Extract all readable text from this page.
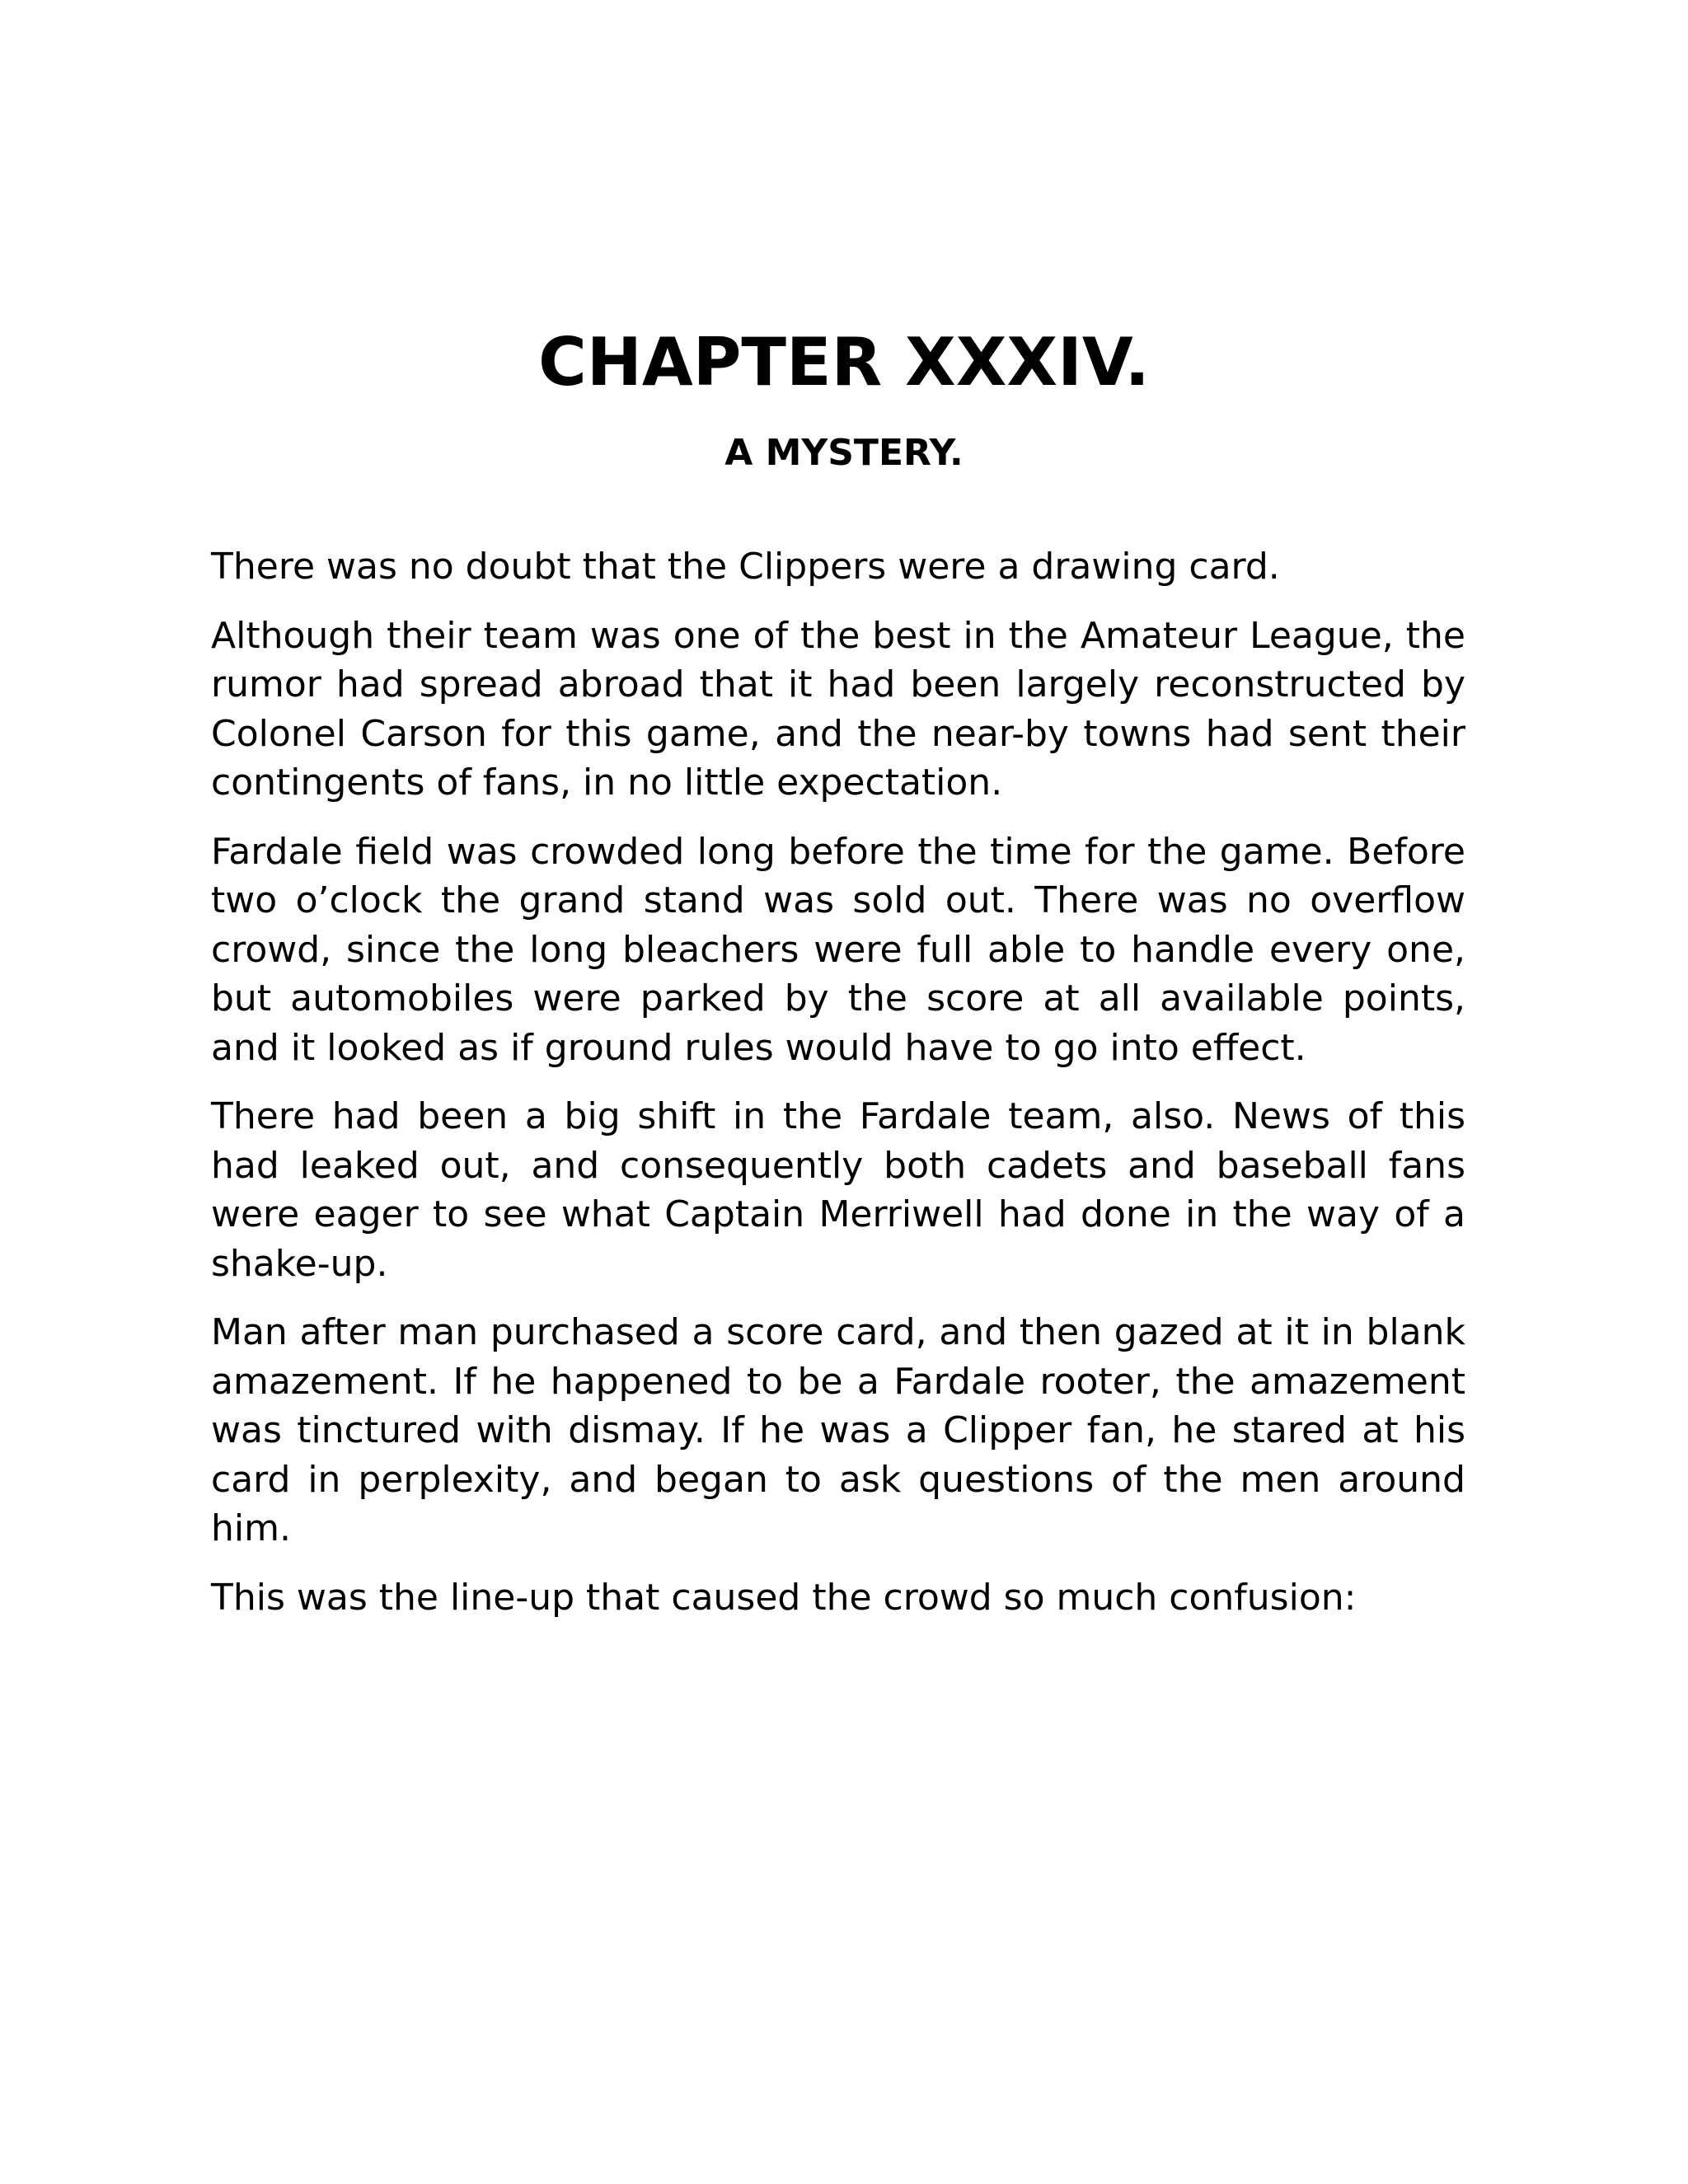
CHAPTER XXXIV.
A MYSTERY.

There was no doubt that the Clippers were a drawing card.

Although their team was one of the best in the Amateur League, the rumor had spread abroad that it had been largely reconstructed by Colonel Carson for this game, and the near-by towns had sent their contingents of fans, in no little expectation.

Fardale field was crowded long before the time for the game. Before two o’clock the grand stand was sold out. There was no overflow crowd, since the long bleachers were full able to handle every one, but automobiles were parked by the score at all available points, and it looked as if ground rules would have to go into effect.

There had been a big shift in the Fardale team, also. News of this had leaked out, and consequently both cadets and baseball fans were eager to see what Captain Merriwell had done in the way of a shake-up.

Man after man purchased a score card, and then gazed at it in blank amazement. If he happened to be a Fardale rooter, the amazement was tinctured with dismay. If he was a Clipper fan, he stared at his card in perplexity, and began to ask questions of the men around him.

This was the line-up that caused the crowd so much confusion:
